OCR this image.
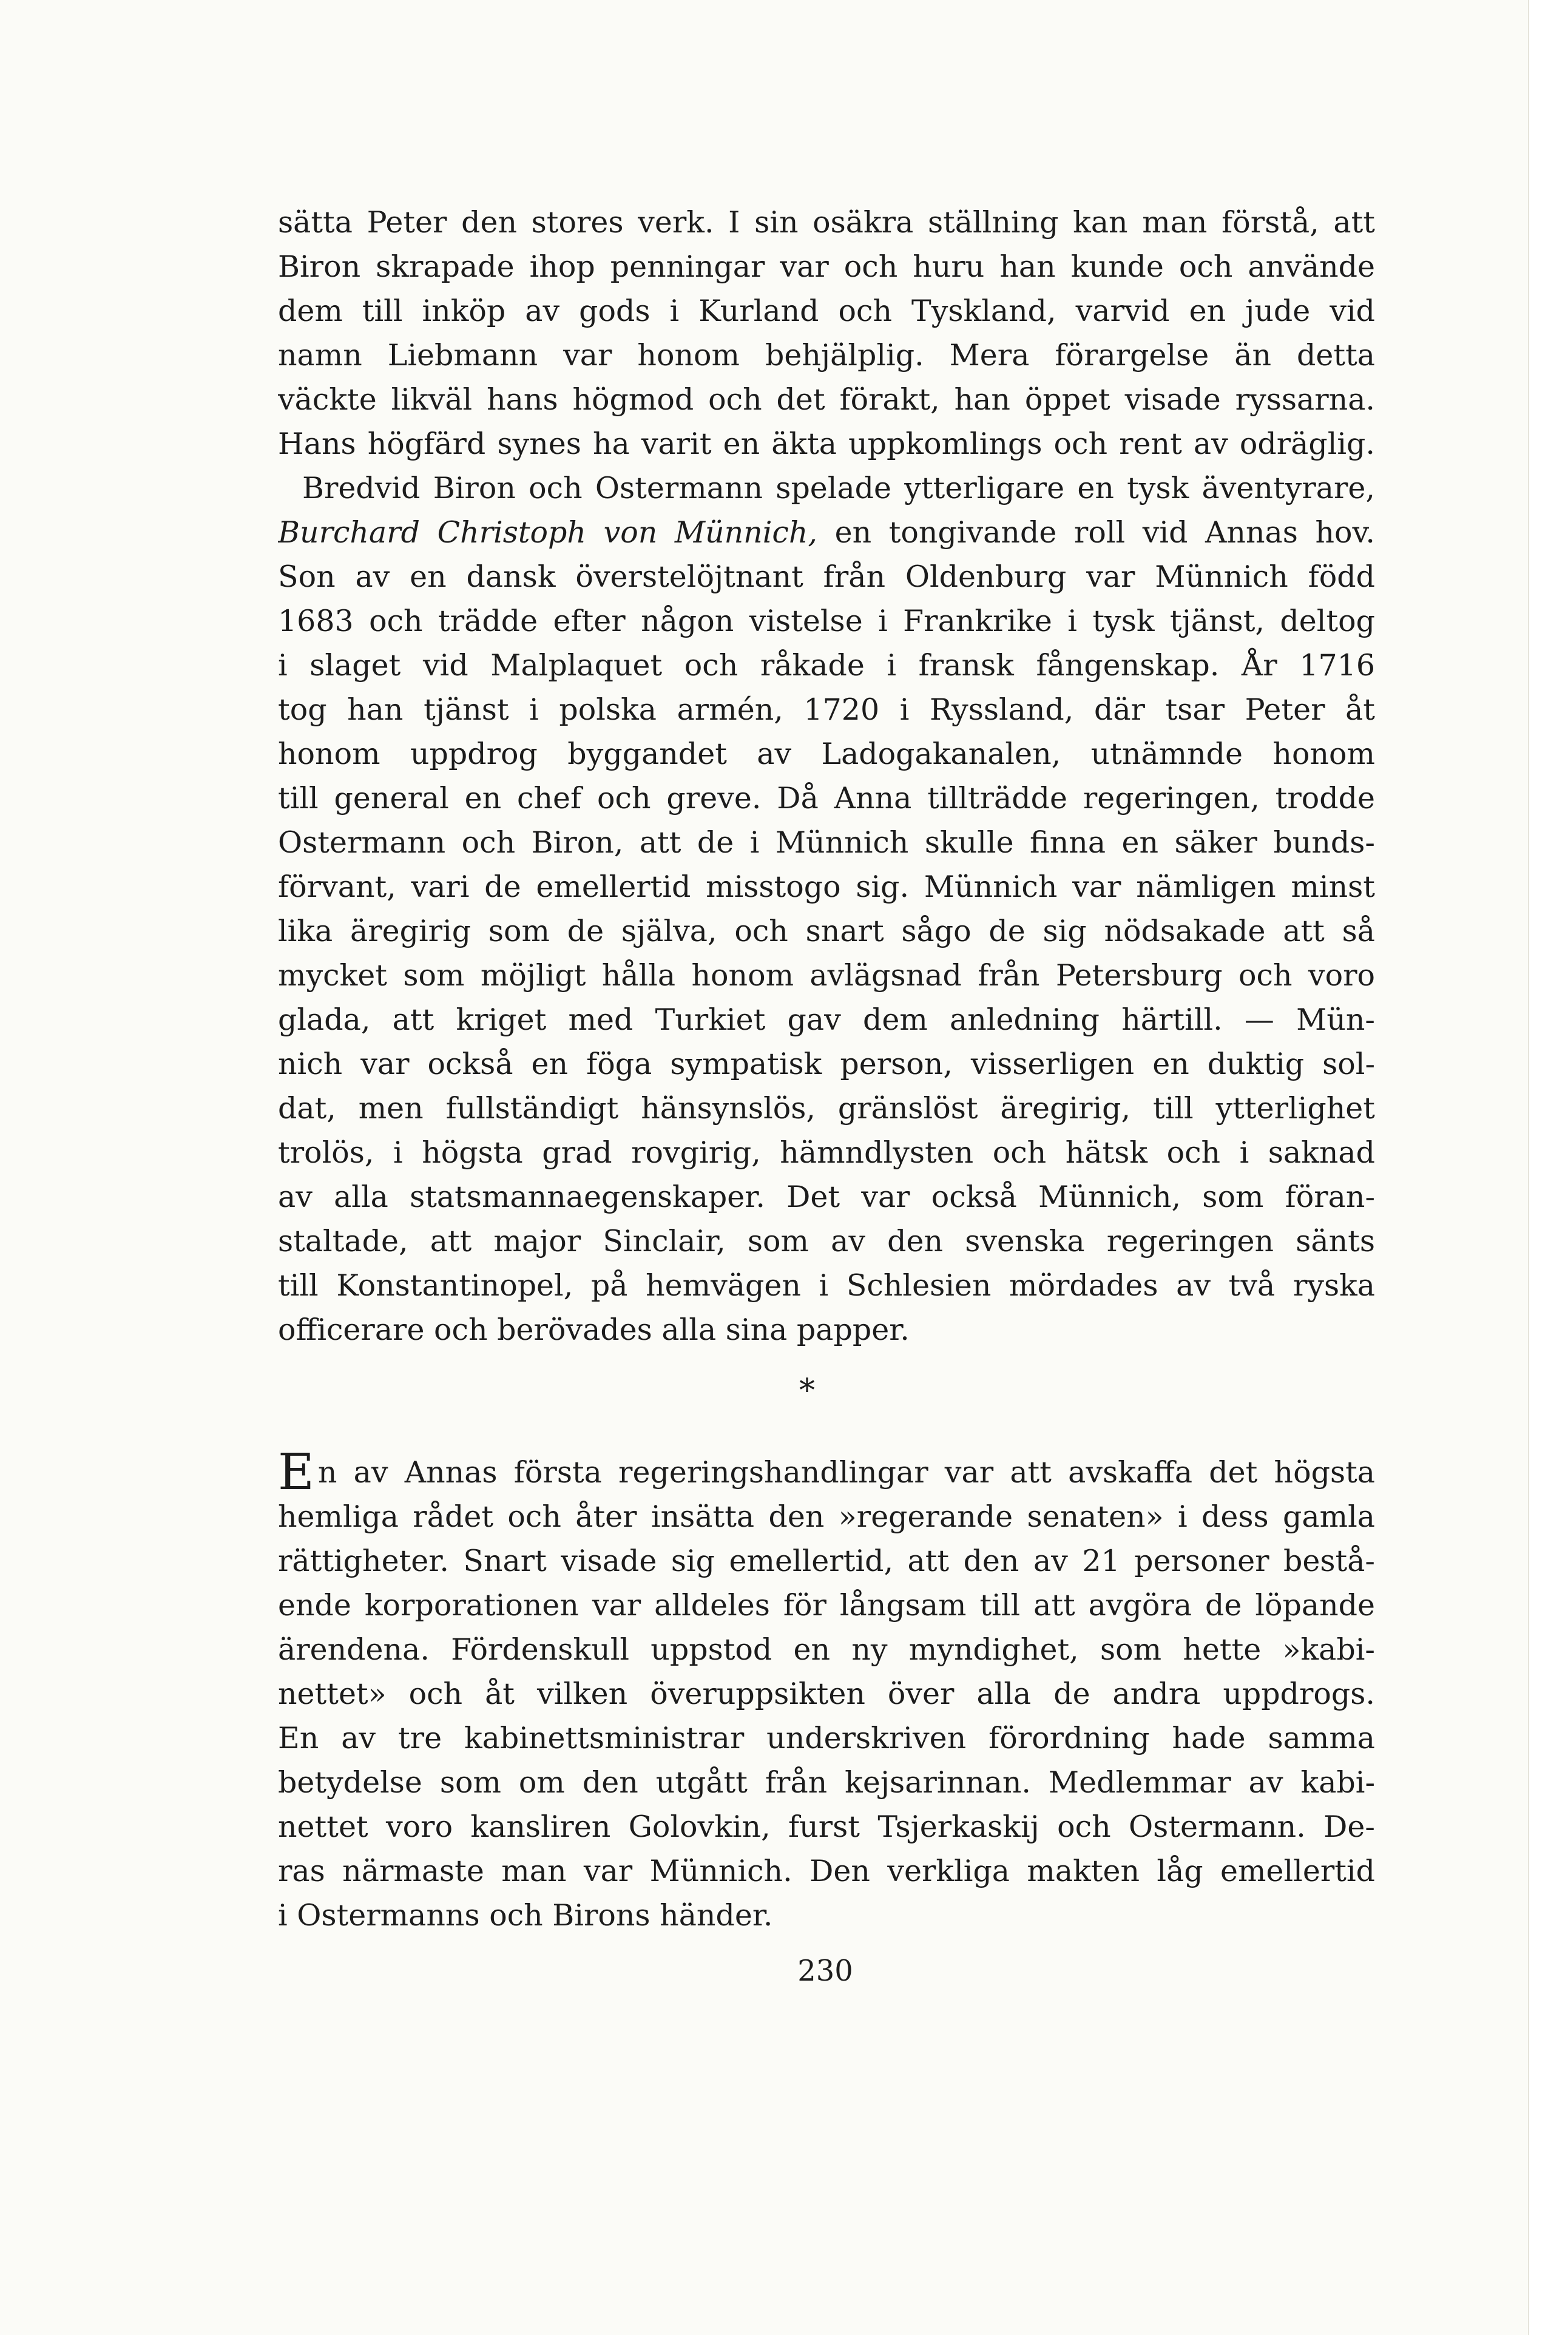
sätta Peter den stores verk. I sin osäkra ställning kan man förstå, att
Biron skrapade ihop penningar var och huru han kunde och använde
dem till inköp av gods i Kurland och Tyskland, varvid en jude vid
namn Liebmann var honom behjälplig. Mera förargelse än detta
väckte likväl hans högmod och det förakt, han öppet visade ryssarna.
Hans högfärd synes ha varit en äkta uppkomlings och rent av odräglig.
Bredvid Biron och Ostermann spelade ytterligare en tysk äventyrare,
Burchard Christoph von Münnich, en tongivande roll vid Annas hov.
Son av en dansk överstelöjtnant från Oldenburg var Münnich född
1683 och trädde efter någon vistelse i Frankrike i tysk tjänst, deltog
i slaget vid Malplaquet och råkade i fransk fångenskap. År 1716
tog han tjänst i polska armén, 1720 i Ryssland, där tsar Peter åt
honom uppdrog byggandet av Ladogakanalen, utnämnde honom
till general en chef och greve. Då Anna tillträdde regeringen, trodde
Ostermann och Biron, att de i Münnich skulle finna en säker bunds-
förvant, vari de emellertid misstogo sig. Münnich var nämligen minst
lika äregirig som de själva, och snart sågo de sig nödsakade att så
mycket som möjligt hålla honom avlägsnad från Petersburg och voro
glada, att kriget med Turkiet gav dem anledning härtill. — Mün-
nich var också en föga sympatisk person, visserligen en duktig sol-
dat, men fullständigt hänsynslös, gränslöst äregirig, till ytterlighet
trolös, i högsta grad rovgirig, hämndlysten och hätsk och i saknad
av alla statsmannaegenskaper. Det var också Münnich, som föran-
staltade, att major Sinclair, som av den svenska regeringen sänts
till Konstantinopel, på hemvägen i Schlesien mördades av två ryska
officerare och berövades alla sina papper.
*
En av Annas första regeringshandlingar var att avskaffa det högsta
hemliga rådet och åter insätta den »regerande senaten» i dess gamla
rättigheter. Snart visade sig emellertid, att den av 21 personer bestå-
ende korporationen var alldeles för långsam till att avgöra de löpande
ärendena. Fördenskull uppstod en ny myndighet, som hette »kabi-
nettet» och åt vilken överuppsikten över alla de andra uppdrogs.
En av tre kabinettsministrar underskriven förordning hade samma
betydelse som om den utgått från kejsarinnan. Medlemmar av kabi-
nettet voro kansliren Golovkin, furst Tsjerkaskij och Ostermann. De-
ras närmaste man var Münnich. Den verkliga makten låg emellertid
i Ostermanns och Birons händer.
230
